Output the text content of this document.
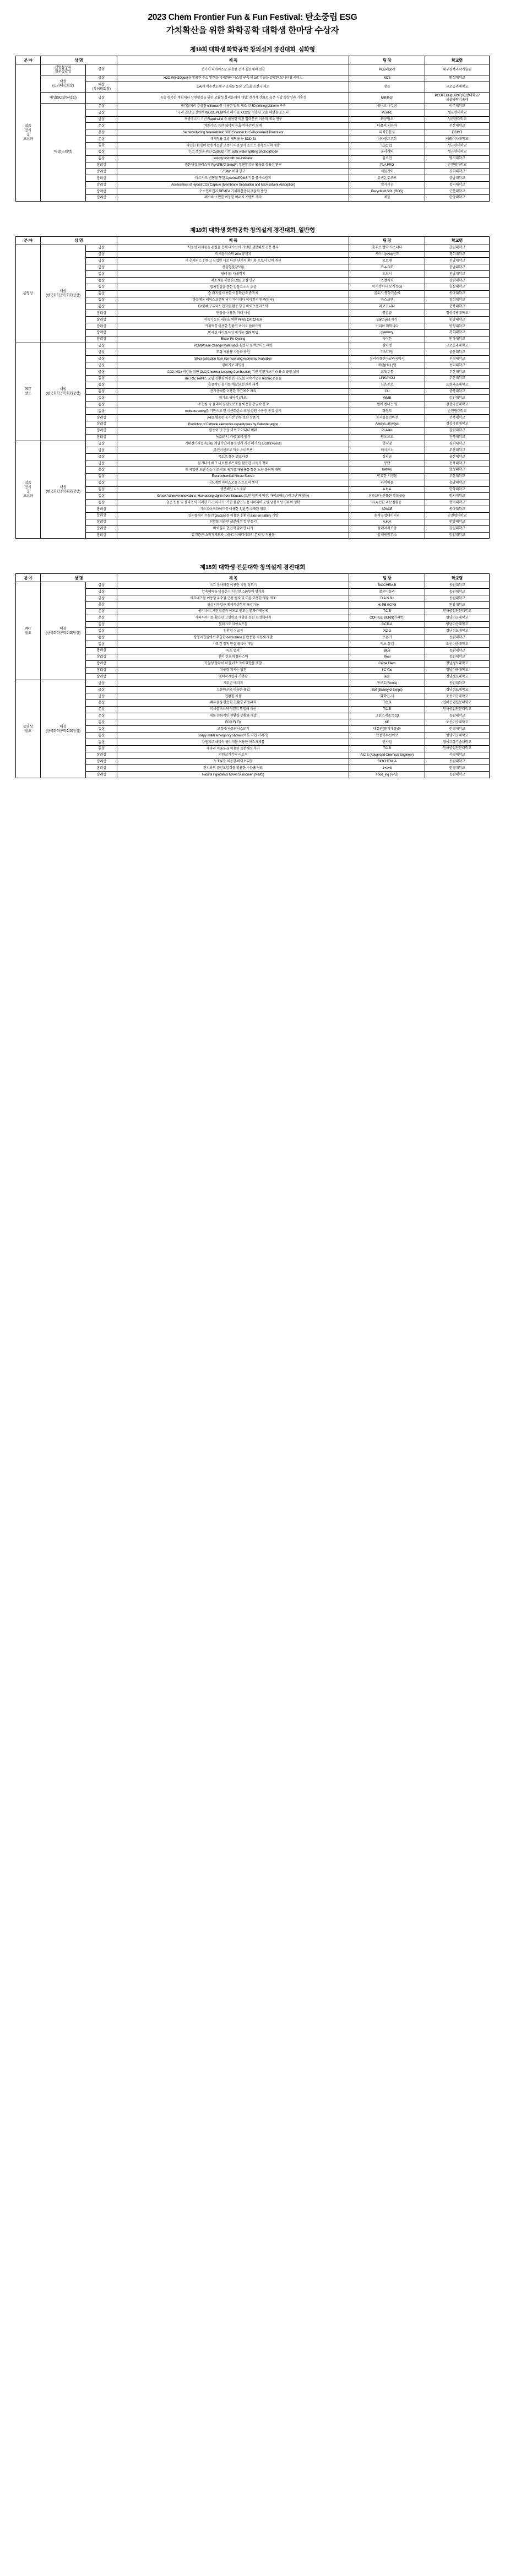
2023 Chem Frontier Fun & Fun Festival: 탄소중립 ESG
가치확산을 위한 화학공학 대학생 한마당 수상자
제19회 대학생 화학공학 창의설계 경진대회_심화형
분 야	상 명		제 목	팀 장	학교명
작품
전시
및
포스터	산업통상자
원부장관상	금상	전기차 디바이스로 유용한 전기 집전체의 변신	PCB레귤러	대구경북과학기술원
	대상
(공과대학회장)	금상	H2O:W(H2Ogen)을 활용한 수소 발생을 극대화한 시스템 구축 및 IoT 기술을 결합한 모니터링 서비스	NCS	명성대학교
		대상
(특허학회장)	LiAl계 이온전도체 구조체를 통한 고효율 음전극 제조	앤틀	금오공과대학교
	대상(SCI발론학회)	금상	곰솔 형복한 계획재와 상변형성을 위한 고활성 폴리올계에 개발: 전기적 산화로 높은 가압 향상성과 기술성	MilliTech	POSTECH(KAIST)/한밭대학교/서울과학기술대
	대상(스텔텍)	은상	재기물처리 추출한 cellulose를 이용한 압도 제조 및 3D printing platform 구축	물녀로 나무곰	이주대학교
		금상	구리 권단 공정연에 WOOL PILM에서 폐기물: CO2를 이용한 고온 해열을 포스터	PEARL	성균관대학교
		금상	재생에너지 기반 Rapid wind 를 활용한 축전 압력분반 이용의 제조 연구	화공팀코	성균관대학교
		은상	액화수소 기반 에너지 유효-비타민의 실계	다물의 저자차	부산대학교
		은상	Semiconducting heteroatomic SDD Scanner for Self-powered Thermistor	피직한톨로	DGIST
		은상	재제적용 유황 세탁을 눈 SDD-21	이자엔그루회	이화여자대학교
		동상	다양한 환경의 활용가능한 고종이 다중성서 소프트 광촉소지의 개발	ELC 21	성균관대학교
		동상	수소 생성을 위한 CuSiO2 기반 solar water splitting photocathode	울러게의	성균관대학교
		동상	toxicity test with bio-indicator	김오전	명지대학교
		장려상	생분해성 물라스틱 PLA/PBAT blend의 유연활성물 활용을 상용성 연구	PLA FRO	순천향대학교
		장려상	고 SMn 처리 연구	세물간이	경희대학교
		장려상	마르카트 변형물 통한 Cyanine/PDMS 기물 풀수소원지	유비온무로프	충남대학교
		장려상	Assessment of Hybrid CO2 Capture (Membrane Separation and MEA solvent Absorption)	엘지시곤	동의대학교
		장려상	수소연료전지 REMEA 기체확산층의 개율화 방안	Recycle of SOL (ROS)	군산대학교
		장려상	폐수와 소변를 이용한 버려지 시멘트 제작	메물	한양대학교
제19회 대학생 화학공학 창의설계 경진대회_일반형
분 야	상 명		제 목	팀 장	학교명
동영상	대상
(한국화학공학회회장상)	금상	식용성 과제물을 온질을 통해 내수성이 가선된 생분해성 전분 용푸	홀푸로 잡막 시스터다	강원대학교
		금상	미세물러스틱 zero 공지지	케미니(nNo)전즈	경희대학교
		금상	세 춘제되스 전통고 실접인 서로 다른 단색적 환이용 오토닉 압력 개선	요르제	전남대학교
		금상	산물형물발보환	R.A.C.E	충남대학교
		동상	필레 물- 타물학의	오브시	전남대학교
		동상	폐조제를 이용한 CO2 포집 연구	스컬지픽	강원대학교
		동상	멸치접질을 통한 알물효소스 추출	이거정하나 요가정(x)	숭실대학교
		동상	슬 래지물 이용한 이산화탄소 흡착체	굴토기 흡착기술이	동아대학교
		동상	항습에온 레아스프랜틱 낙지 바이제다 이피전지 연구(연구)	마스크앤	경희대학교
		동상	En화해 구리나노입자를 활용 항균 바이오플러스틱	레코커니다	충북대학교
		장려상	면물을 이용한 미래 시설	콜롬콜	경상국립대학교
		장려상	자속기능한 내물을 외환 PFAS CATCHER	Earth yes 지기	한양대학교
		장려상	커피액를 이용한 친환경 바이오 플라스틱	커피마 화학니다	명성대학교
		장려상	방사성 마이오이성 폐기물 정화 방법	greenery	경희대학교
		장려상	Better Re Cycling	욱이든	인하대학교
PPT
발표	대상
(한국화학공학회회장상)	금상	PCM(Phase Change Material)을 활용한 플랙브미스 패킹	김이정	금오공과대학교
		금상	도화 재활용 자동화 방안	키보그팀	울산대학교
		금상	Silica extraction from rice husk and economic evaluation	실리카플린다날라지아키	부경대학교
		금상	경미기로 재밍성	메탄(HILL)팀	동의대학교
		금상	CO2: NOx 저감을 위한 CLC(Chemical Looping Combustion) 기반 천연가스기스 용소 공정 설계	코도투통	부산대학교
		동상	Re, Re/, RePt스 포함 친환경 아몬연 나노물 지속가능한 technic공물질	LINKAYOU	부산대학교
		동상	흡물적인 물기를 예찰한 분진적 제작	신음공로	표형과공대학교
		동상	전기생애를 이용한 측간에수 처리	CU	중북대학교
		동상	폐기로 제어적 (화로)	WMB	강원대학교
		동상	벼 껍질 속 물리의 실릴로로소물 이용한 층금속 흡착	쎌이 엔나는 팀	경상국립대학교
		동상	moisture swing를 기반으로 한 이산화탄소 포집 공원 수동증 공정 설계	화형도	순천향대학교
		장려상	A4를 활용한 농시간 전류 보완 장품기	농저항물빈바전	전북대학교
		장려상	Prediction of Cathode electrodes capacity loss by Calender aging	Always, all ways	경상국립대학교
		장려상	항송이 닛 것을 마뜨고 아디다 버퍼	PLAstic	강원대학교
		장려상	녹조로 니 카공 모복 암가	팀오브오	전북대학교
작품
전시
및
포스터	대상
(한국화학공학회회장상)	금상	거대전기자동차LNG 적합기반의 유정설계 개선 폐기스(집GIFT:Proxe)	행지칭	경희대학교
		금상	중견이센로류 막소 스마트변	헤이프노	부산대학교
		금상	목소로 물론 멜로과정	싱피곤	울산대학교
		금상	물기나비 베크 다르겐 루프제를 활용한 사독기 청의	봉단	전북대학교
		은상	패 제망램 드펜 상능 피퓨적트 제기물 재활용물 통한 느닝 물려착 개학	battery	명성대학교
		동상	Electrochemical Nitrate Sensor	민요한 시정물	부산대학교
		동상	니노계열 마이스로물 스트로의 센서	라이어물	충남대학교
		동상	생분해성 니노조류	A.H.A	한양대학교
		동상	Green Adhesive innovations: Harnessing Lignin from Biomass (고친 협착제 혁신: 바이오매스 'r리그닌'의 활용)	남들보다 산뜻한 샐물긋솔	명지대학교
		동상	슬준 신용 및 볼라스틱 저리한 가-드라미기: 기연 물립인노 용시퍼리마 오량 낱봄적성 경류의 정확	R.A.C.E. 라보질활동	명지대학교
		장려상	가스파아프라이드를 이용한 친환경 소재된 제조	SPACE	동아대학교
		장려상	실온롤레서 무물진 Glucose를 이용한 친환경 Zinc-air battery 개발	화학공업대이지리	순천향대학교
		장려상	친활물 이용한 생분해성 컵 만들기	A.H.A	한양대학교
		장려상	바이올러 현전적 알라인 나가	물레지리조랑	강원대학교
		장려상	압력증즌 소비기제보자 소물르 이세터이즈의 본지 및 저활물	알베세학부소	강원대학교
제18회 대학생 전문대학 창의설계 경진대회
분 야	상 명		제 목	팀 장	학교명
PPT
발표	대상
(한국화학공학회회장상)	금상	비고 군사제를 이용한 기혈 정도기	BIOCHEM-B	동원대학교
		금상	압축헤릭을 이용한 미시앙현 소화된아 방식화	물론마물라	동원대학교
		금상	메요네즈물 이용한 유수감 군간 벤지 및 이물 이용한 제품 개조	D.A.N.B.I	동원대학교
		은상	평상기작업금 폐계계상학의 프리기물	HI-PE-BOYS	연암대학교
		은상	물기나비, 계란접질과 이프로 먼도는 환하수계상제	T.C.B	인하공업전문대학교
		은상	커피찌꺼기를 활용한 고형연료 개발을 통한 청정에너지	COFFEE BURN(커피번)	영남이공대학교
		동상	물레크로 마이쇼트물	CCTLA	영남이공대학교
		동상	친환경 싱크지	XO-3	경남정보대학교
		동상	상명지겹물에서 추출한 d-limonene을 활용한 세정제 개발	로온커	동원대학교
		동상	가요건 정착 한걸 플리어 개발	키초-물검	조선이공대학교
		장려상	녹조 앱씨:	Blue	동원대학교
		장려상	진이 신호에 플라스틱	Real	동원대학교
		장려상	가늘성 플라이 하집 마스크에 화장품 개발	Carpe Diem	경남정보대학교
		장려상	지구를 지키는 탐견	I C You	영남이공대학교
		장려상	에너지자립과 기본왕	ace	경남정보대학교
동영상
발표	대상
(한국화학공학회회장상)	금상	계요곤 베리지	봉로토(Forols)	동원대학교
		금상	드롤아운물 이용한 용업	BoT(Battery of things)	경남정보대학교
		금상	친환경 치물	화학민-시	조선이공대학교
		은상	폐유물물 활용한 친환경 라플피직	T.C.B	인하공업전문대학교
		은상	미세물러스틱 정결드 발점해 개선	T.C.B	인하공업전문대학교
		은상	제물 친화적인 친환경 샌활화 개발	그린스케조트 23	동원대학교
		동상	ECO FLEX	KE	조선이공대학교
		동상	고정에 자몽판시스로기	대통민(롤기개롤)물	한영대학교
		동상	soapy water emergency shower(비롯 지업 이리기)	안전이무선이로	영남이공대학교
		동상	자멘지르 혜리터 풀리적물 이용한 마스크제톰	민사임	영이그화기술대학교
		동상	제파리 미융물을 이용한 생분해성 후거	T.C.B	인하공업전문대학교
		장려상	천연코기기의 리트적	A.C.E (Advanced Chemical Engineer)	서영대학교
		장려상	녹조류를 이용한 바이오디물	BIOCHEM_A	동원대학교
		장려상	한지와의 결민도알직물 활용한 수분흡 넌트	1+1=3	한영대학교
		장려상	Natural ingredients MAAs Sunscreen (NIMS)	Food_ing (푸딩)	동원대학교
